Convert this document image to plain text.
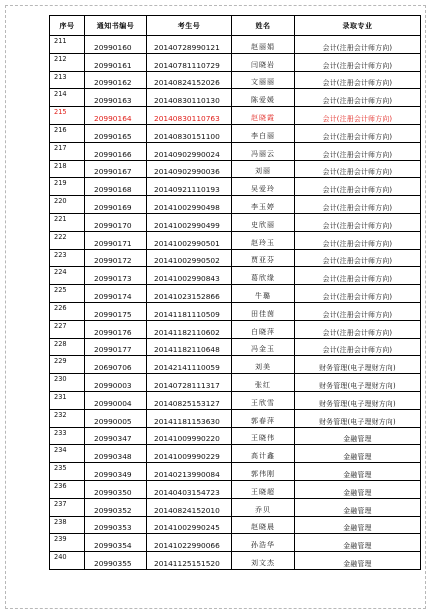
序号	通知书编号	考生号	姓名	录取专业
211	20990160	20140728990121	赵丽娟	会计(注册会计师方向)
212	20990161	20140781110729	闫晓岩	会计(注册会计师方向)
213	20990162	20140824152026	文丽丽	会计(注册会计师方向)
214	20990163	20140830110130	陈爱媛	会计(注册会计师方向)
215	20990164	20140830110763	赵晓霞	会计(注册会计师方向)
216	20990165	20140830151100	李白丽	会计(注册会计师方向)
217	20990166	20140902990024	冯丽云	会计(注册会计师方向)
218	20990167	20140902990036	刘丽	会计(注册会计师方向)
219	20990168	20140921110193	吴爱玲	会计(注册会计师方向)
220	20990169	20141002990498	李玉婷	会计(注册会计师方向)
221	20990170	20141002990499	史欣丽	会计(注册会计师方向)
222	20990171	20141002990501	赵玲玉	会计(注册会计师方向)
223	20990172	20141002990502	贾亚芬	会计(注册会计师方向)
224	20990173	20141002990843	葛欣缘	会计(注册会计师方向)
225	20990174	20141023152866	牛璐	会计(注册会计师方向)
226	20990175	20141181110509	田佳茵	会计(注册会计师方向)
227	20990176	20141182110602	白晓萍	会计(注册会计师方向)
228	20990177	20141182110648	冯金玉	会计(注册会计师方向)
229	20690706	20142141110059	刘美	财务管理(电子理财方向)
230	20990003	20140728111317	张红	财务管理(电子理财方向)
231	20990004	20140825153127	王欣雪	财务管理(电子理财方向)
232	20990005	20141181153630	郭春萍	财务管理(电子理财方向)
233	20990347	20141009990220	王晓伟	金融管理
234	20990348	20141009990229	高计鑫	金融管理
235	20990349	20140213990084	郭伟刚	金融管理
236	20990350	20140403154723	王晓超	金融管理
237	20990352	20140824152010	乔贝	金融管理
238	20990353	20141002990245	赵晓晨	金融管理
239	20990354	20141022990066	孙浩华	金融管理
240	20990355	20141125151520	刘文杰	金融管理
